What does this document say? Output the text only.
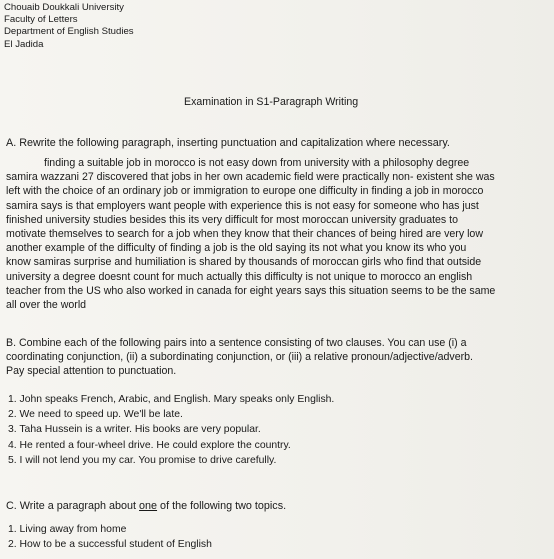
Chouaib Doukkali University
Faculty of Letters
Department of English Studies
El Jadida
Examination in S1-Paragraph Writing
A. Rewrite the following paragraph, inserting punctuation and capitalization where necessary.
finding a suitable job in morocco is not easy down from university with a philosophy degree
samira wazzani 27 discovered that jobs in her own academic field were practically non- existent she was
left with the choice of an ordinary job or immigration to europe one difficulty in finding a job in morocco
samira says is that employers want people with experience this is not easy for someone who has just
finished university studies besides this its very difficult for most moroccan university graduates to
motivate themselves to search for a job when they know that their chances of being hired are very low
another example of the difficulty of finding a job is the old saying its not what you know its who you
know samiras surprise and humiliation is shared by thousands of moroccan girls who find that outside
university a degree doesnt count for much actually this difficulty is not unique to morocco an english
teacher from the US who also worked in canada for eight years says this situation seems to be the same
all over the world
B. Combine each of the following pairs into a sentence consisting of two clauses. You can use (i) a
coordinating conjunction, (ii) a subordinating conjunction, or (iii) a relative pronoun/adjective/adverb.
Pay special attention to punctuation.
1. John speaks French, Arabic, and English. Mary speaks only English.
2. We need to speed up. We'll be late.
3. Taha Hussein is a writer. His books are very popular.
4. He rented a four-wheel drive. He could explore the country.
5. I will not lend you my car. You promise to drive carefully.
C. Write a paragraph about one of the following two topics.
1. Living away from home
2. How to be a successful student of English
